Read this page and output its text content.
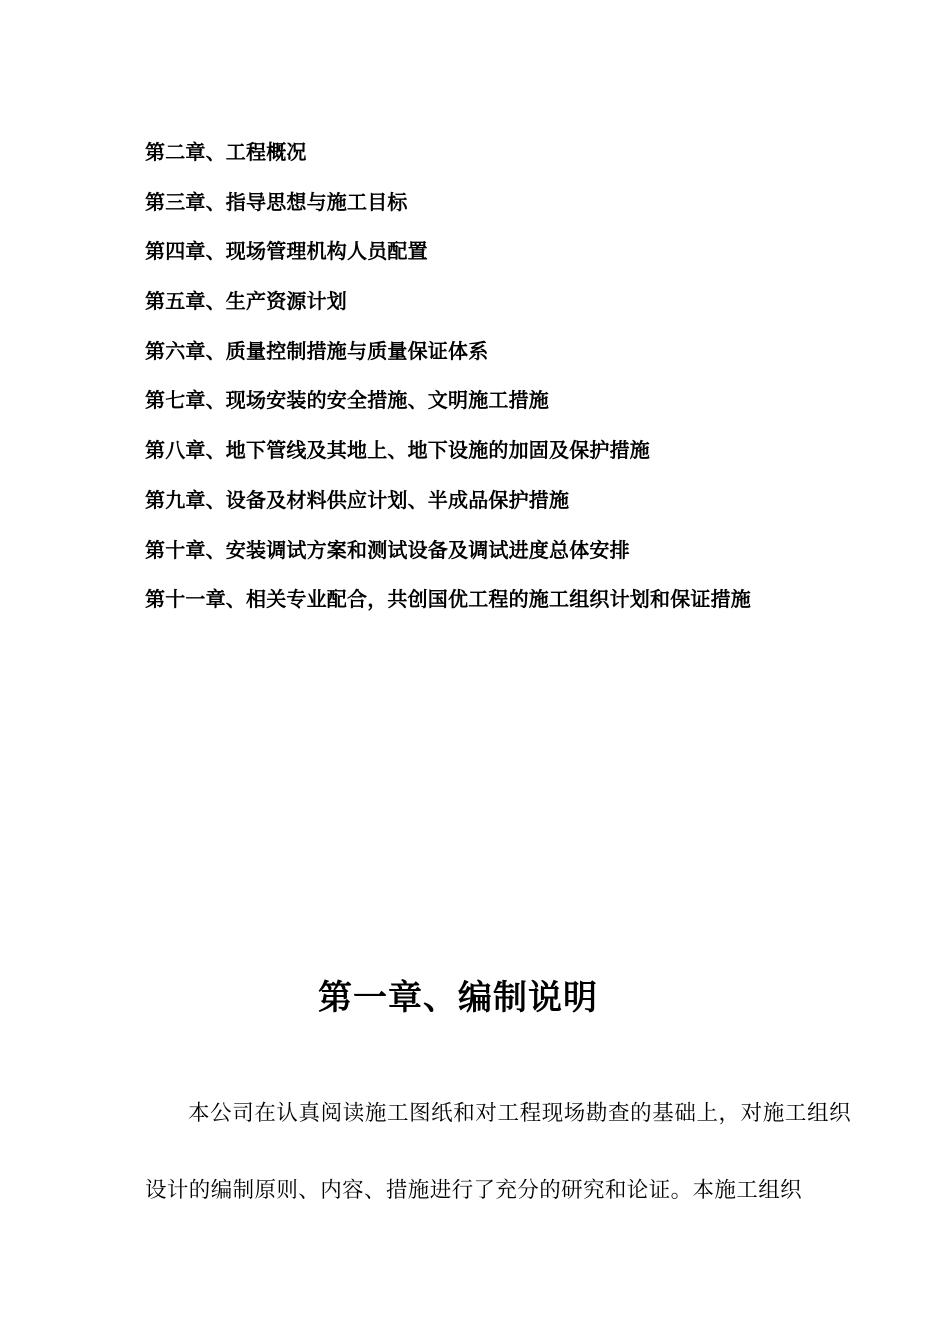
第二章、工程概况
第三章、指导思想与施工目标
第四章、现场管理机构人员配置
第五章、生产资源计划
第六章、质量控制措施与质量保证体系
第七章、现场安装的安全措施、文明施工措施
第八章、地下管线及其地上、地下设施的加固及保护措施
第九章、设备及材料供应计划、半成品保护措施
第十章、安装调试方案和测试设备及调试进度总体安排
第十一章、相关专业配合，共创国优工程的施工组织计划和保证措施
第一章、编制说明

本公司在认真阅读施工图纸和对工程现场勘查的基础上，对施工组织设计的编制原则、内容、措施进行了充分的研究和论证。本施工组织
